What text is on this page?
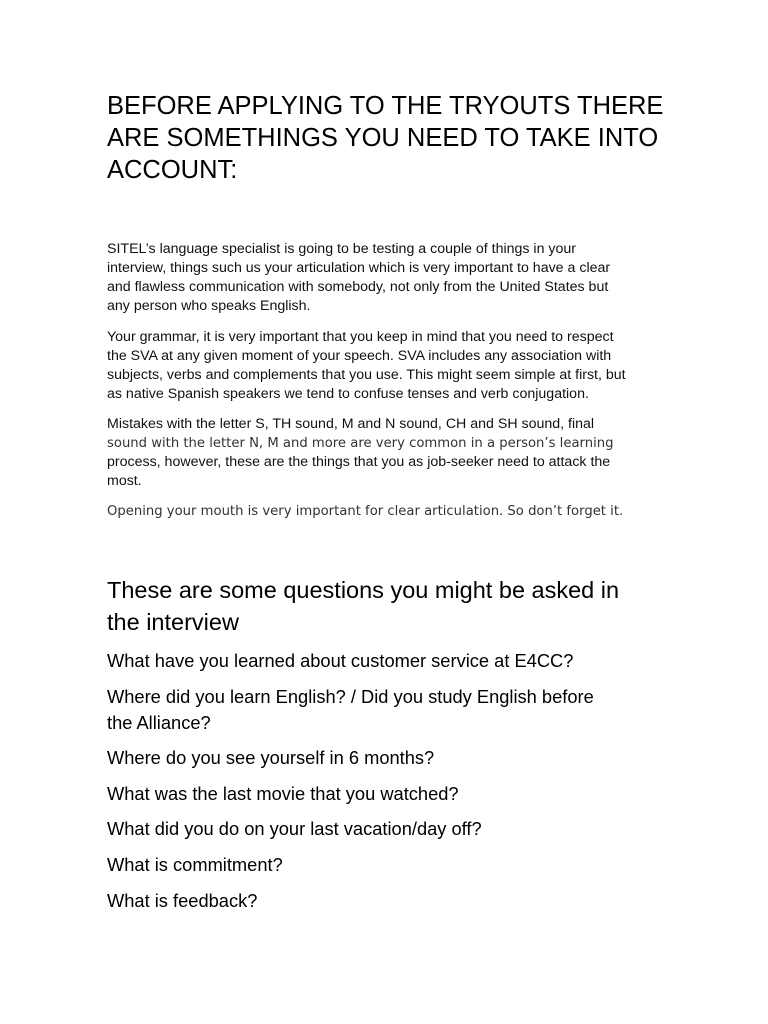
BEFORE APPLYING TO THE TRYOUTS THERE
ARE SOMETHINGS YOU NEED TO TAKE INTO
ACCOUNT:

SITEL’s language specialist is going to be testing a couple of things in your
interview, things such us your articulation which is very important to have a clear
and flawless communication with somebody, not only from the United States but
any person who speaks English.

Your grammar, it is very important that you keep in mind that you need to respect
the SVA at any given moment of your speech. SVA includes any association with
subjects, verbs and complements that you use. This might seem simple at first, but
as native Spanish speakers we tend to confuse tenses and verb conjugation.

Mistakes with the letter S, TH sound, M and N sound, CH and SH sound, final
sound with the letter N, M and more are very common in a person’s learning
process, however, these are the things that you as job-seeker need to attack the
most.

Opening your mouth is very important for clear articulation. So don’t forget it.

These are some questions you might be asked in
the interview
What have you learned about customer service at E4CC?
Where did you learn English? / Did you study English before
the Alliance?
Where do you see yourself in 6 months?
What was the last movie that you watched?
What did you do on your last vacation/day off?
What is commitment?
What is feedback?
